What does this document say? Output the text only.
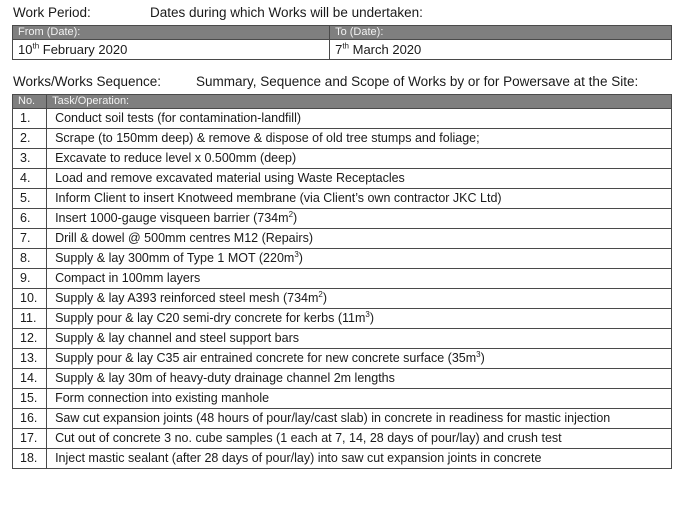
Work Period:	Dates during which Works will be undertaken:
From (Date):	To (Date):
10th February 2020	7th March 2020
Works/Works Sequence:	Summary, Sequence and Scope of Works by or for Powersave at the Site:
No.	Task/Operation:
1.	Conduct soil tests (for contamination-landfill)
2.	Scrape (to 150mm deep) & remove & dispose of old tree stumps and foliage;
3.	Excavate to reduce level x 0.500mm (deep)
4.	Load and remove excavated material using Waste Receptacles
5.	Inform Client to insert Knotweed membrane (via Client’s own contractor JKC Ltd)
6.	Insert 1000-gauge visqueen barrier $(734m^2)$
7.	Drill & dowel @ 500mm centres M12 (Repairs)
8.	Supply & lay 300mm of Type 1 MOT $(220m^3)$
9.	Compact in 100mm layers
10.	Supply & lay A393 reinforced steel mesh $(734m^2)$
11.	Supply pour & lay C20 semi-dry concrete for kerbs $(11m^3)$
12.	Supply & lay channel and steel support bars
13.	Supply pour & lay C35 air entrained concrete for new concrete surface $(35m^3)$
14.	Supply & lay 30m of heavy-duty drainage channel 2m lengths
15.	Form connection into existing manhole
16.	Saw cut expansion joints (48 hours of pour/lay/cast slab) in concrete in readiness for mastic injection
17.	Cut out of concrete 3 no. cube samples (1 each at 7, 14, 28 days of pour/lay) and crush test
18.	Inject mastic sealant (after 28 days of pour/lay) into saw cut expansion joints in concrete
